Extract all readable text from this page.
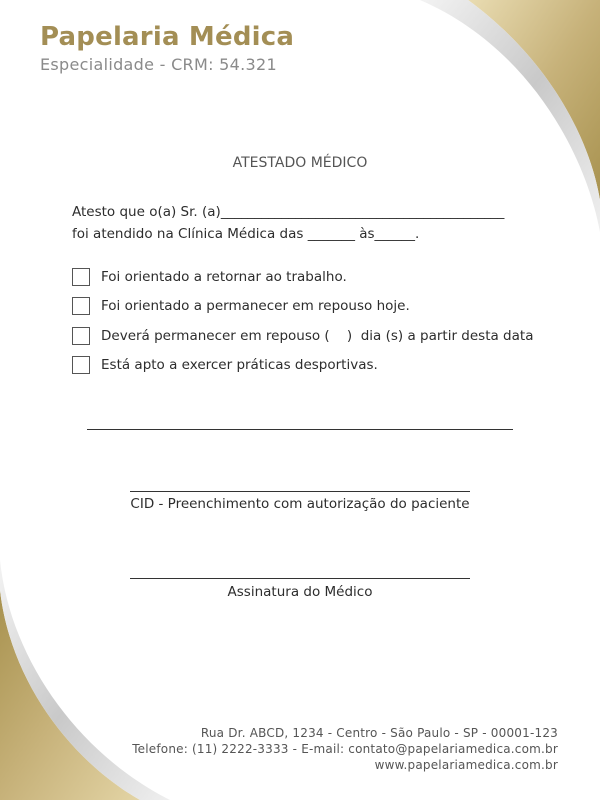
Papelaria Médica
Especialidade - CRM: 54.321
ATESTADO MÉDICO
Atesto que o(a) Sr. (a)__________________________________________
foi atendido na Clínica Médica das _______ às______.
Foi orientado a retornar ao trabalho.
Foi orientado a permanecer em repouso hoje.
Deverá permanecer em repouso (    )  dia (s) a partir desta data
Está apto a exercer práticas desportivas.
CID - Preenchimento com autorização do paciente
Assinatura do Médico
Rua Dr. ABCD, 1234 - Centro - São Paulo - SP - 00001-123
Telefone: (11) 2222-3333 - E-mail: contato@papelariamedica.com.br
www.papelariamedica.com.br
